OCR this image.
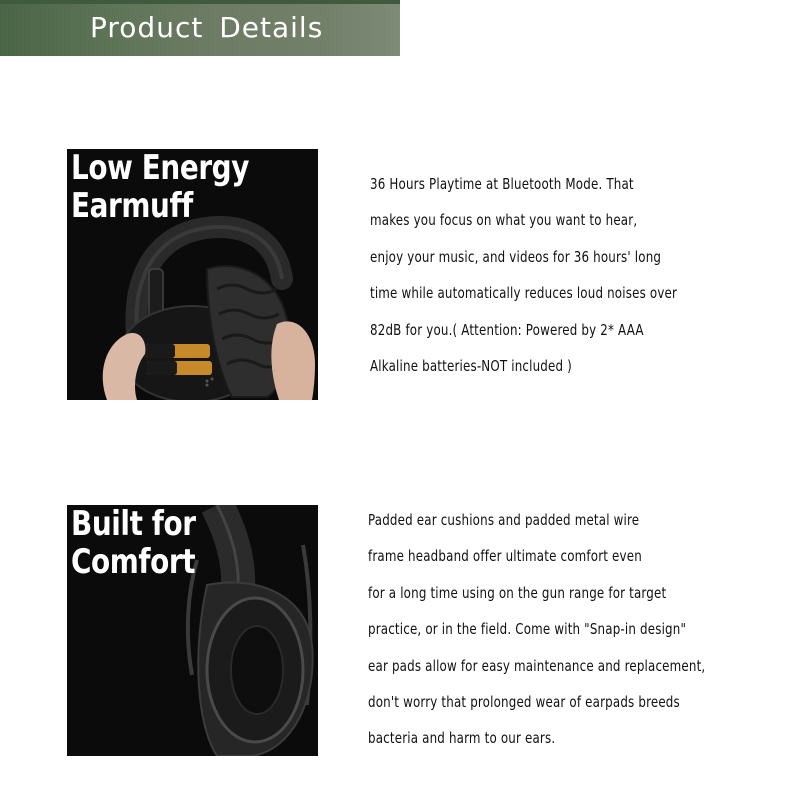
Product Details
Low Energy
Earmuff
36 Hours Playtime at Bluetooth Mode. That
makes you focus on what you want to hear,
enjoy your music, and videos for 36 hours' long
time while automatically reduces loud noises over
82dB for you.( Attention: Powered by 2* AAA
Alkaline batteries-NOT included )
Built for
Comfort
Padded ear cushions and padded metal wire
frame headband offer ultimate comfort even
for a long time using on the gun range for target
practice, or in the field. Come with "Snap-in design"
ear pads allow for easy maintenance and replacement,
don't worry that prolonged wear of earpads breeds
bacteria and harm to our ears.
